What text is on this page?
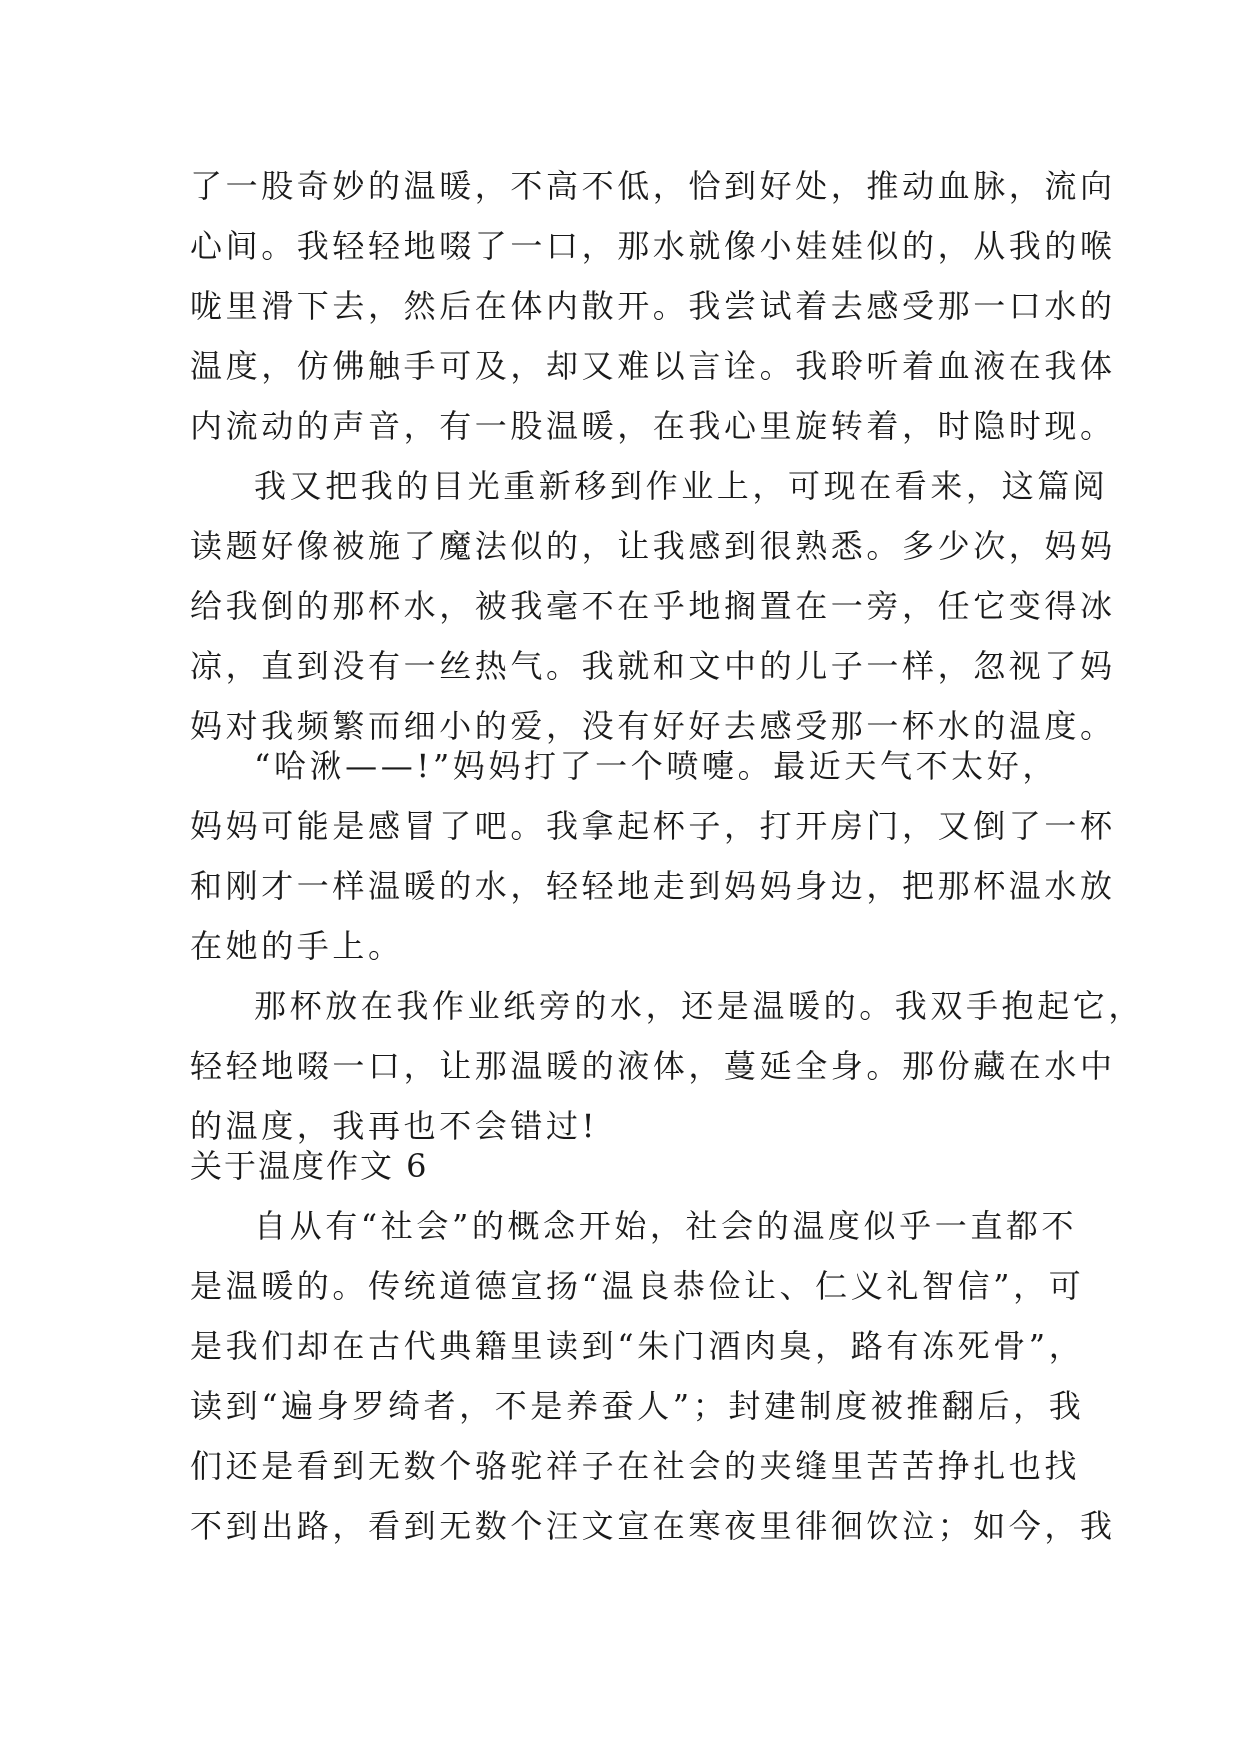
了一股奇妙的温暖，不高不低，恰到好处，推动血脉，流向
心间。我轻轻地啜了一口，那水就像小娃娃似的，从我的喉
咙里滑下去，然后在体内散开。我尝试着去感受那一口水的
温度，仿佛触手可及，却又难以言诠。我聆听着血液在我体
内流动的声音，有一股温暖，在我心里旋转着，时隐时现。
我又把我的目光重新移到作业上，可现在看来，这篇阅
读题好像被施了魔法似的，让我感到很熟悉。多少次，妈妈
给我倒的那杯水，被我毫不在乎地搁置在一旁，任它变得冰
凉，直到没有一丝热气。我就和文中的儿子一样，忽视了妈
妈对我频繁而细小的爱，没有好好去感受那一杯水的温度。
“哈湫——!”妈妈打了一个喷嚏。最近天气不太好，
妈妈可能是感冒了吧。我拿起杯子，打开房门，又倒了一杯
和刚才一样温暖的水，轻轻地走到妈妈身边，把那杯温水放
在她的手上。
那杯放在我作业纸旁的水，还是温暖的。我双手抱起它，
轻轻地啜一口，让那温暖的液体，蔓延全身。那份藏在水中
的温度，我再也不会错过!
关于温度作文 6
自从有“社会”的概念开始，社会的温度似乎一直都不
是温暖的。传统道德宣扬“温良恭俭让、仁义礼智信”，可
是我们却在古代典籍里读到“朱门酒肉臭，路有冻死骨”，
读到“遍身罗绮者，不是养蚕人”；封建制度被推翻后，我
们还是看到无数个骆驼祥子在社会的夹缝里苦苦挣扎也找
不到出路，看到无数个汪文宣在寒夜里徘徊饮泣；如今，我
